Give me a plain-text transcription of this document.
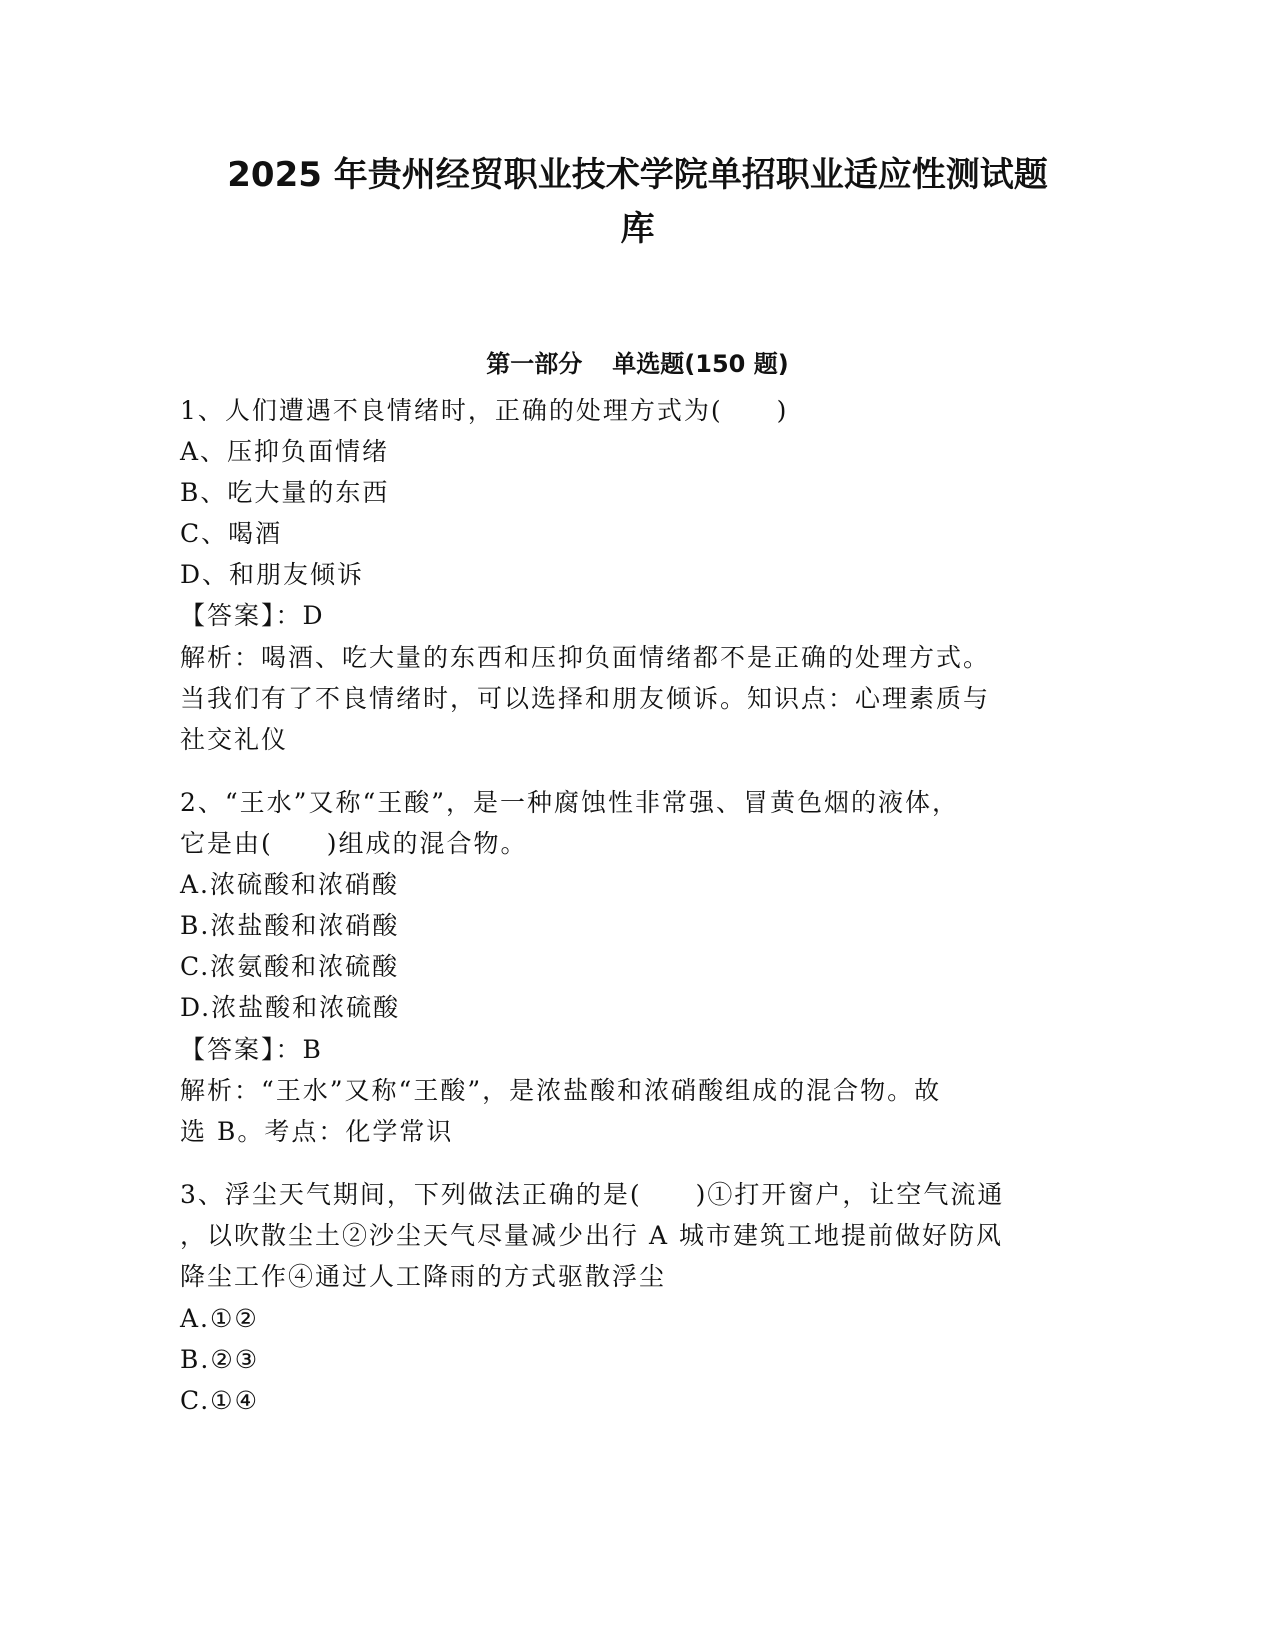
2025 年贵州经贸职业技术学院单招职业适应性测试题
库
第一部分 单选题(150 题)

1、人们遭遇不良情绪时，正确的处理方式为(　　)

A、压抑负面情绪

B、吃大量的东西

C、喝酒

D、和朋友倾诉

【答案】：D

解析：喝酒、吃大量的东西和压抑负面情绪都不是正确的处理方式。

当我们有了不良情绪时，可以选择和朋友倾诉。知识点：心理素质与

社交礼仪

2、“王水”又称“王酸”，是一种腐蚀性非常强、冒黄色烟的液体，

它是由(　　)组成的混合物。

A.浓硫酸和浓硝酸

B.浓盐酸和浓硝酸

C.浓氨酸和浓硫酸

D.浓盐酸和浓硫酸

【答案】：B

解析：“王水”又称“王酸”，是浓盐酸和浓硝酸组成的混合物。故

选 B。考点：化学常识

3、浮尘天气期间，下列做法正确的是(　　)①打开窗户，让空气流通

，以吹散尘土②沙尘天气尽量减少出行 A 城市建筑工地提前做好防风

降尘工作④通过人工降雨的方式驱散浮尘

A.①②

B.②③

C.①④
